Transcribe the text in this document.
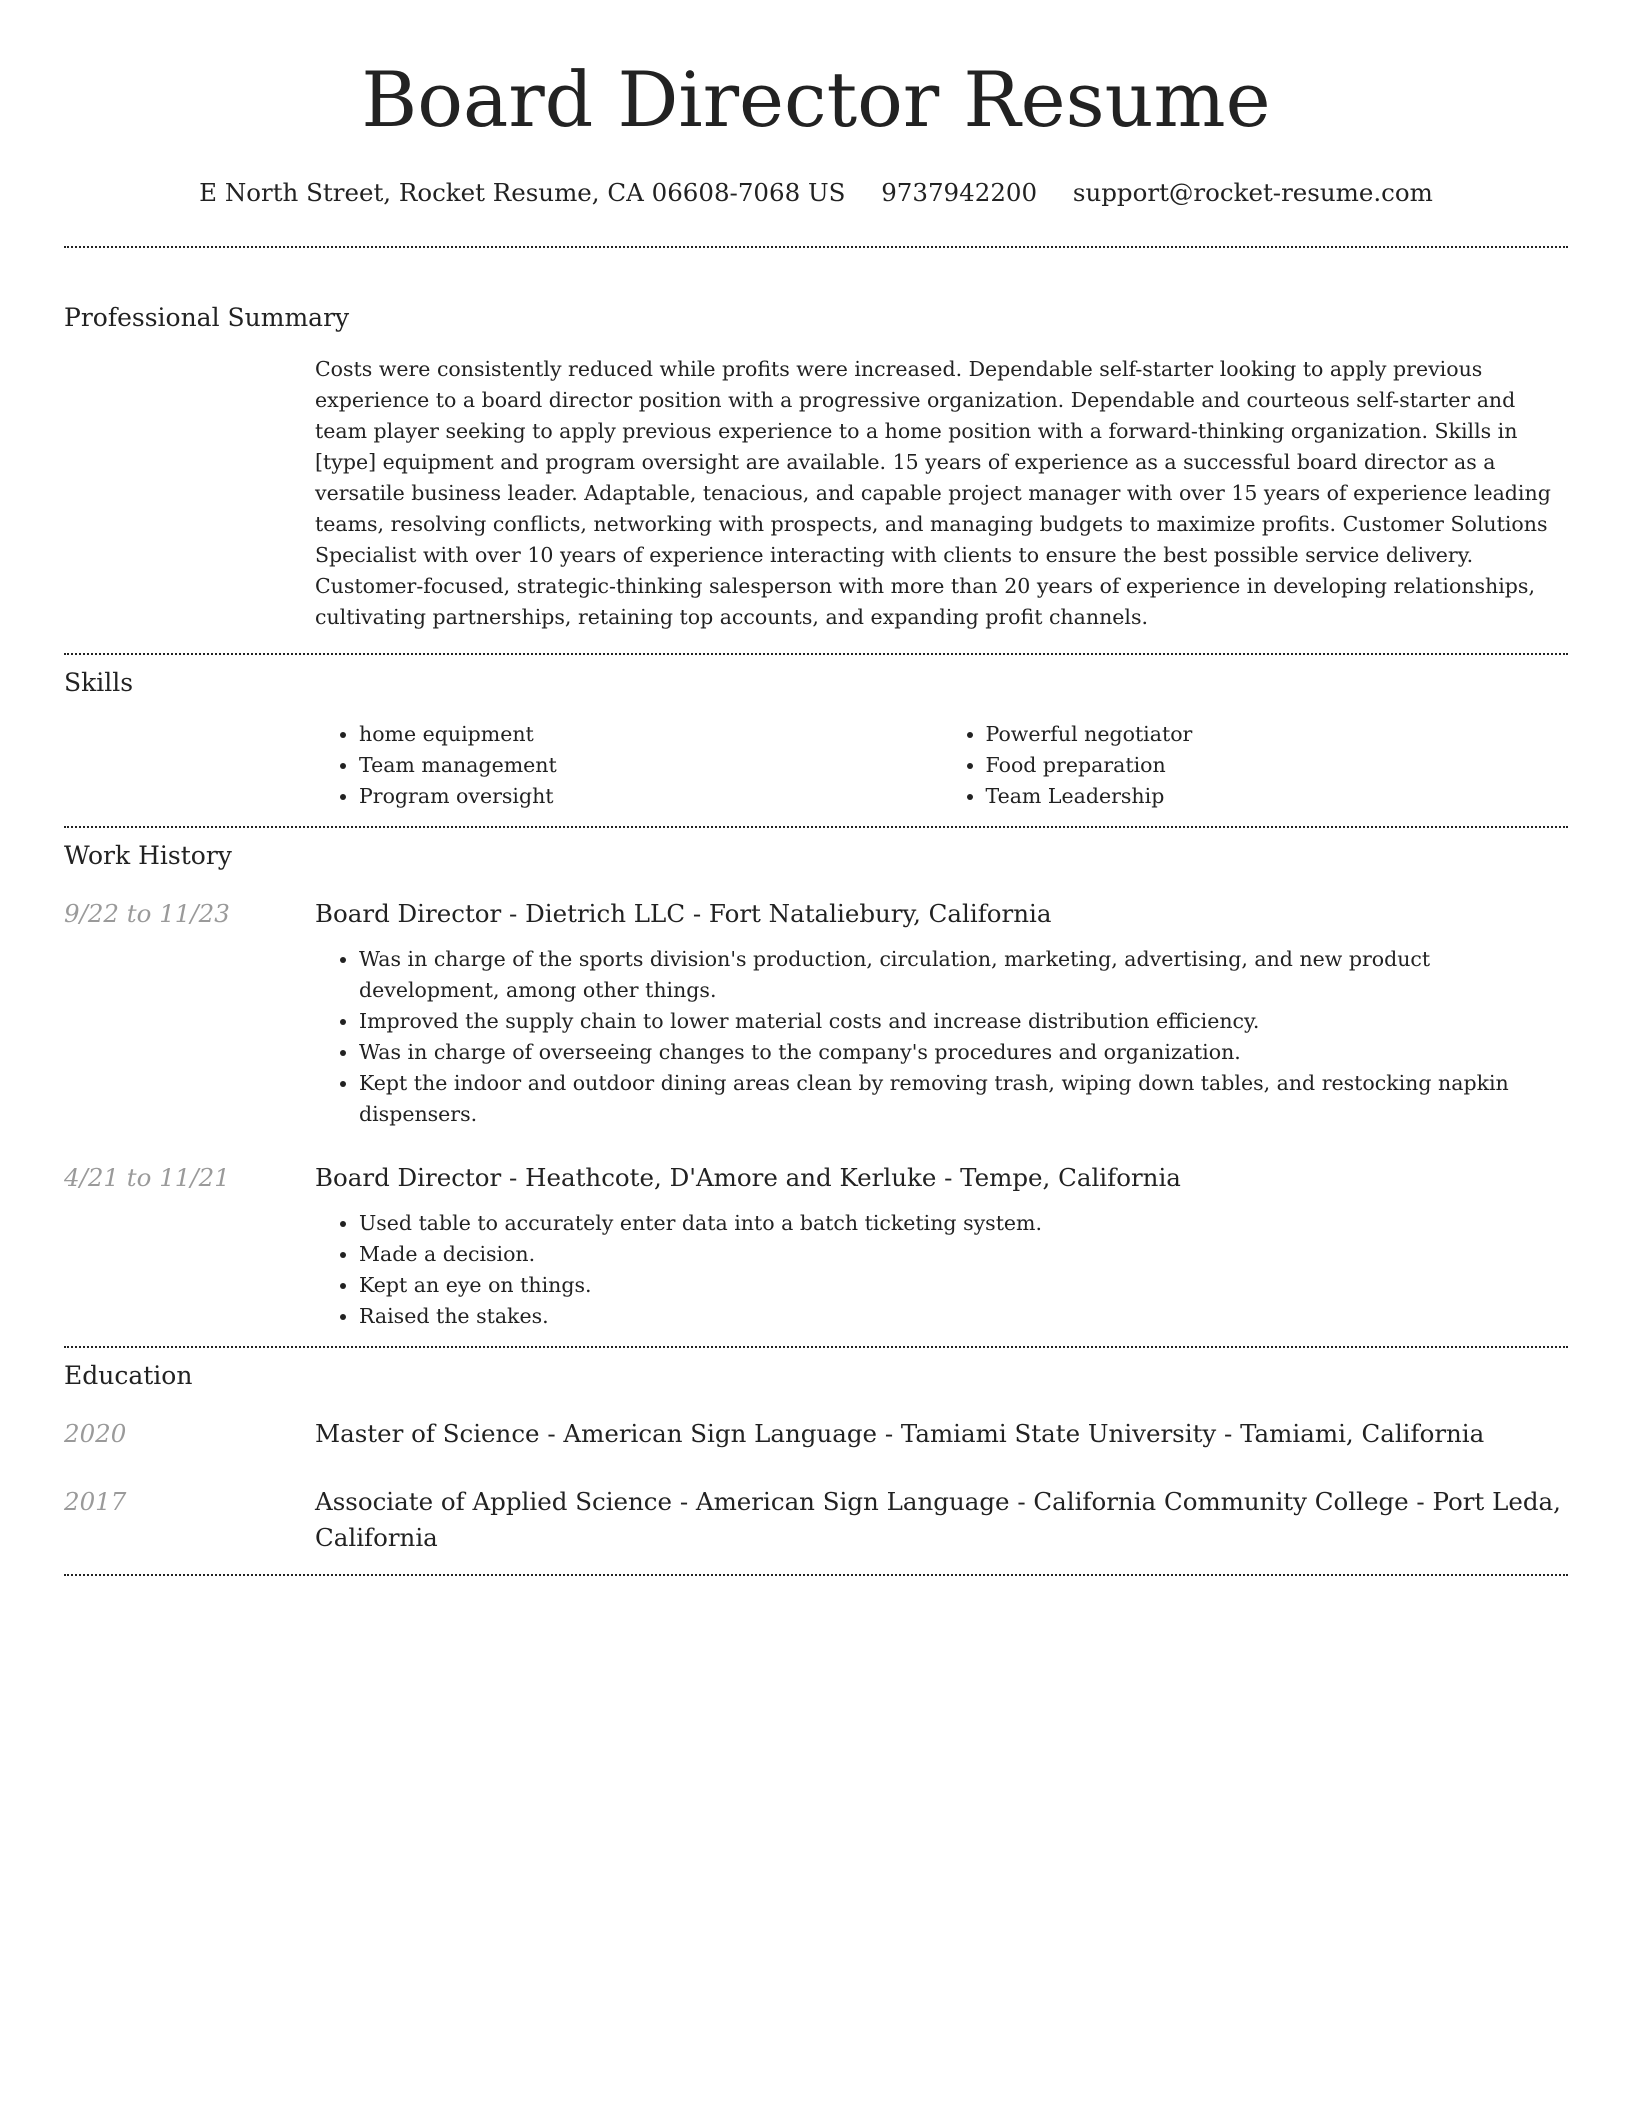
Board Director Resume
E North Street, Rocket Resume, CA 06608-7068 US 9737942200 support@rocket-resume.com
Professional Summary

Costs were consistently reduced while profits were increased. Dependable self-starter looking to apply previous experience to a board director position with a progressive organization. Dependable and courteous self-starter and team player seeking to apply previous experience to a home position with a forward-thinking organization. Skills in [type] equipment and program oversight are available. 15 years of experience as a successful board director as a versatile business leader. Adaptable, tenacious, and capable project manager with over 15 years of experience leading teams, resolving conflicts, networking with prospects, and managing budgets to maximize profits. Customer Solutions Specialist with over 10 years of experience interacting with clients to ensure the best possible service delivery. Customer-focused, strategic-thinking salesperson with more than 20 years of experience in developing relationships, cultivating partnerships, retaining top accounts, and expanding profit channels.

Skills
• home equipment
• Team management
• Program oversight
• Powerful negotiator
• Food preparation
• Team Leadership
Work History
9/22 to 11/23	Board Director - Dietrich LLC - Fort Nataliebury, California
• Was in charge of the sports division's production, circulation, marketing, advertising, and new product development, among other things.
• Improved the supply chain to lower material costs and increase distribution efficiency.
• Was in charge of overseeing changes to the company's procedures and organization.
• Kept the indoor and outdoor dining areas clean by removing trash, wiping down tables, and restocking napkin dispensers.
4/21 to 11/21	Board Director - Heathcote, D'Amore and Kerluke - Tempe, California
• Used table to accurately enter data into a batch ticketing system.
• Made a decision.
• Kept an eye on things.
• Raised the stakes.
Education
2020	Master of Science - American Sign Language - Tamiami State University - Tamiami, California
2017	Associate of Applied Science - American Sign Language - California Community College - Port Leda, California
